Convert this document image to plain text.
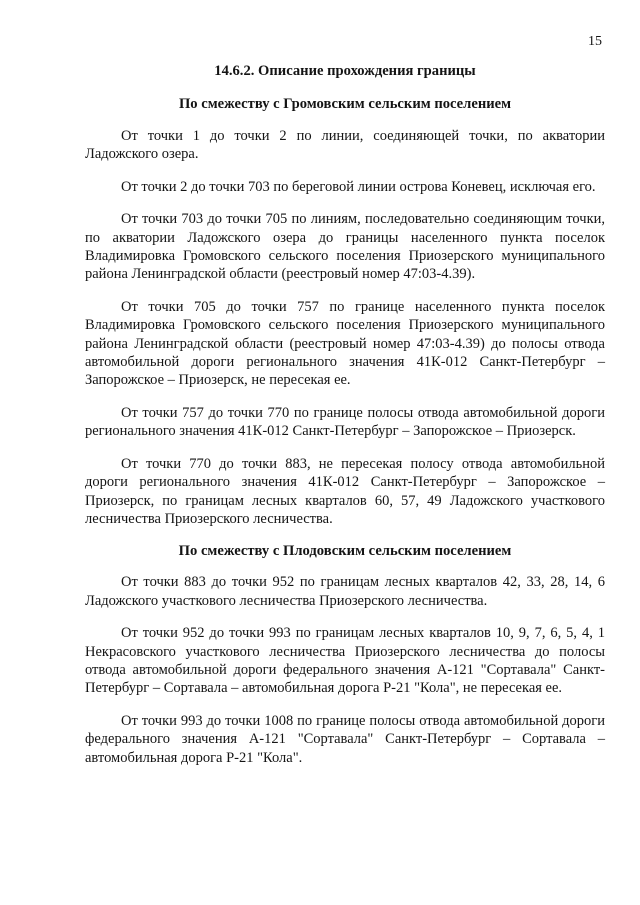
15

14.6.2. Описание прохождения границы

По смежеству с Громовским сельским поселением

От точки 1 до точки 2 по линии, соединяющей точки, по акватории Ладожского озера.

От точки 2 до точки 703 по береговой линии острова Коневец, исключая его.

От точки 703 до точки 705 по линиям, последовательно соединяющим точки, по акватории Ладожского озера до границы населенного пункта поселок Владимировка Громовского сельского поселения Приозерского муниципального района Ленинградской области (реестровый номер 47:03-4.39).

От точки 705 до точки 757 по границе населенного пункта поселок Владимировка Громовского сельского поселения Приозерского муниципального района Ленинградской области (реестровый номер 47:03-4.39) до полосы отвода автомобильной дороги регионального значения 41К-012 Санкт-Петербург – Запорожское – Приозерск, не пересекая ее.

От точки 757 до точки 770 по границе полосы отвода автомобильной дороги регионального значения 41К-012 Санкт-Петербург – Запорожское – Приозерск.

От точки 770 до точки 883, не пересекая полосу отвода автомобильной дороги регионального значения 41К-012 Санкт-Петербург – Запорожское – Приозерск, по границам лесных кварталов 60, 57, 49 Ладожского участкового лесничества Приозерского лесничества.

По смежеству с Плодовским сельским поселением

От точки 883 до точки 952 по границам лесных кварталов 42, 33, 28, 14, 6 Ладожского участкового лесничества Приозерского лесничества.

От точки 952 до точки 993 по границам лесных кварталов 10, 9, 7, 6, 5, 4, 1 Некрасовского участкового лесничества Приозерского лесничества до полосы отвода автомобильной дороги федерального значения А-121 "Сортавала" Санкт-Петербург – Сортавала – автомобильная дорога Р-21 "Кола", не пересекая ее.

От точки 993 до точки 1008 по границе полосы отвода автомобильной дороги федерального значения А-121 "Сортавала" Санкт-Петербург – Сортавала – автомобильная дорога Р-21 "Кола".
